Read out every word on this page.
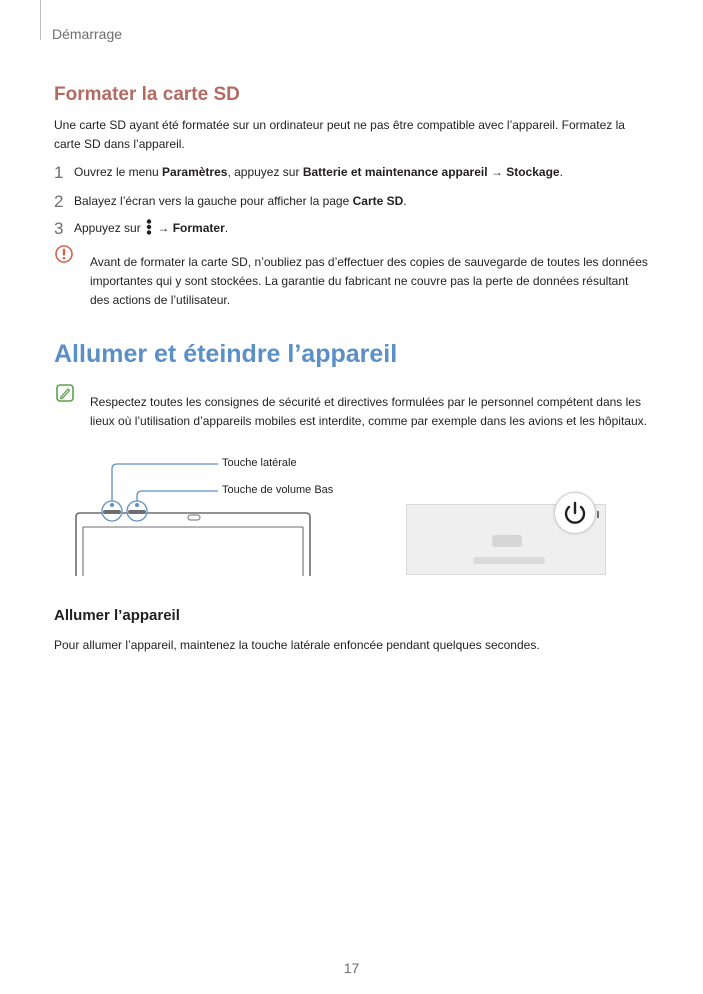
Démarrage
Formater la carte SD

Une carte SD ayant été formatée sur un ordinateur peut ne pas être compatible avec l’appareil. Formatez la carte SD dans l’appareil.

1 Ouvrez le menu Paramètres, appuyez sur Batterie et maintenance appareil → Stockage.
2 Balayez l’écran vers la gauche pour afficher la page Carte SD.
3 Appuyez sur  → Formater.

Avant de formater la carte SD, n’oubliez pas d’effectuer des copies de sauvegarde de toutes les données importantes qui y sont stockées. La garantie du fabricant ne couvre pas la perte de données résultant des actions de l’utilisateur.

Allumer et éteindre l’appareil

Respectez toutes les consignes de sécurité et directives formulées par le personnel compétent dans les lieux où l’utilisation d’appareils mobiles est interdite, comme par exemple dans les avions et les hôpitaux.

Touche latérale
Touche de volume Bas
Allumer l’appareil

Pour allumer l’appareil, maintenez la touche latérale enfoncée pendant quelques secondes.

17
